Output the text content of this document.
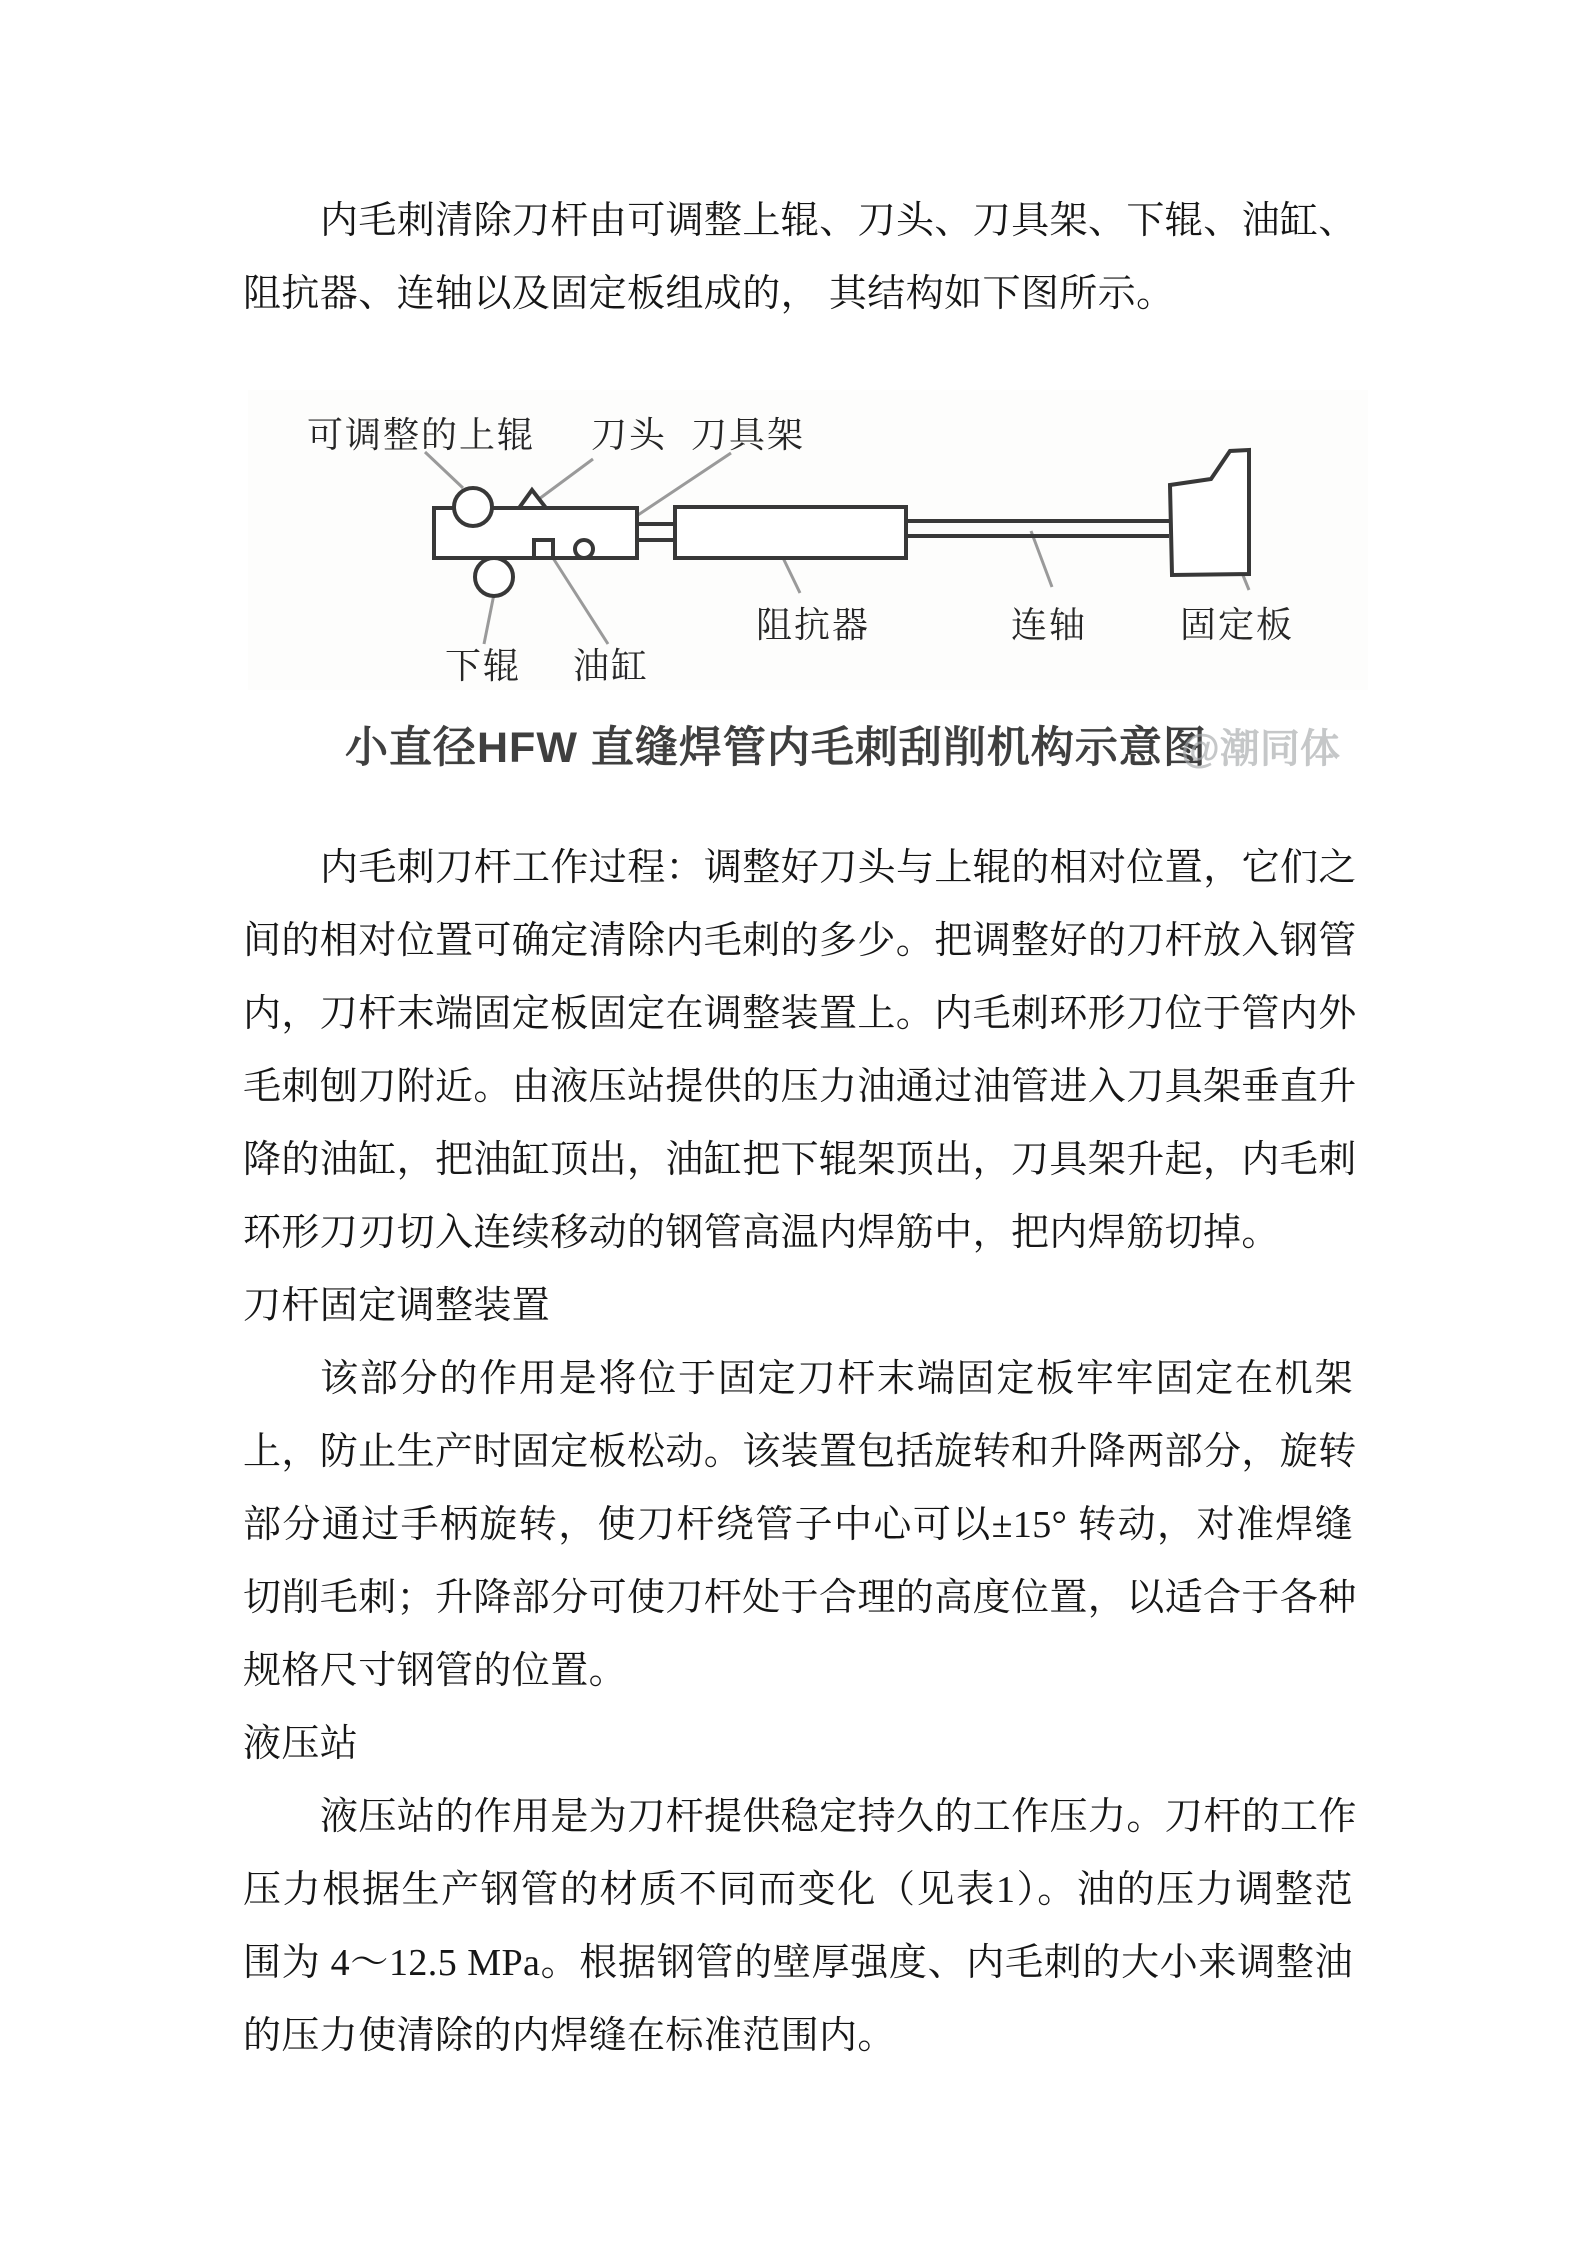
内毛刺清除刀杆由可调整上辊、刀头、刀具架、下辊、油缸、
阻抗器、连轴以及固定板组成的， 其结构如下图所示。
可调整的上辊 刀头 刀具架
下辊 油缸
阻抗器	连轴	固定板
小直径HFW 直缝焊管内毛刺刮削机构示意图@潮同体
内毛刺刀杆工作过程：调整好刀头与上辊的相对位置，它们之
间的相对位置可确定清除内毛刺的多少。把调整好的刀杆放入钢管
内，刀杆末端固定板固定在调整装置上。内毛刺环形刀位于管内外
毛刺刨刀附近。由液压站提供的压力油通过油管进入刀具架垂直升
降的油缸，把油缸顶出，油缸把下辊架顶出，刀具架升起，内毛刺
环形刀刃切入连续移动的钢管高温内焊筋中，把内焊筋切掉。
刀杆固定调整装置
该部分的作用是将位于固定刀杆末端固定板牢牢固定在机架
上，防止生产时固定板松动。该装置包括旋转和升降两部分，旋转
部分通过手柄旋转，使刀杆绕管子中心可以±15° 转动，对准焊缝
切削毛刺；升降部分可使刀杆处于合理的高度位置，以适合于各种
规格尺寸钢管的位置。
液压站
液压站的作用是为刀杆提供稳定持久的工作压力。刀杆的工作
压力根据生产钢管的材质不同而变化（见表1）。油的压力调整范
围为 4～12.5 MPa。根据钢管的壁厚强度、内毛刺的大小来调整油
的压力使清除的内焊缝在标准范围内。
